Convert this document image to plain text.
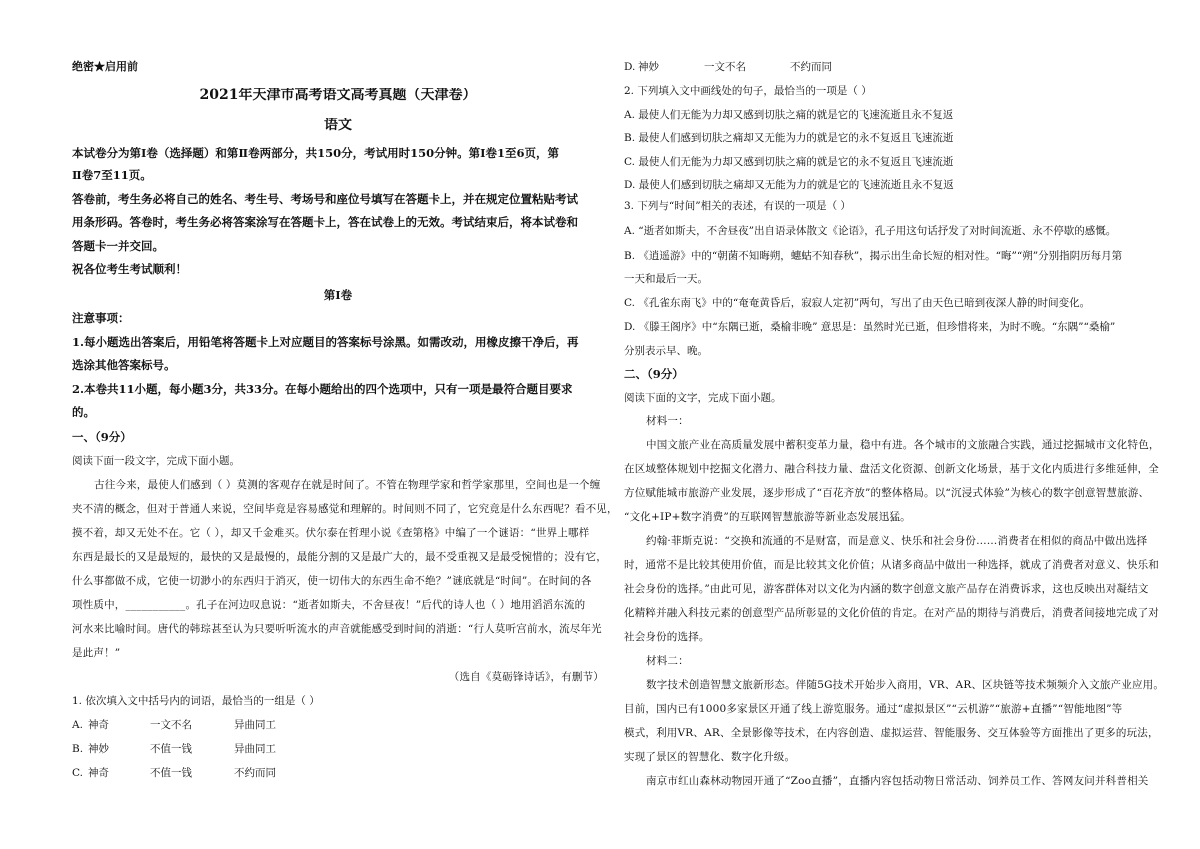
绝密★启用前
2021年天津市高考语文高考真题（天津卷）
语文
本试卷分为第Ⅰ卷（选择题）和第Ⅱ卷两部分，共150分，考试用时150分钟。第Ⅰ卷1至6页，第
Ⅱ卷7至11页。
答卷前，考生务必将自己的姓名、考生号、考场号和座位号填写在答题卡上，并在规定位置粘贴考试
用条形码。答卷时，考生务必将答案涂写在答题卡上，答在试卷上的无效。考试结束后，将本试卷和
答题卡一并交回。
祝各位考生考试顺利！
第Ⅰ卷
注意事项：
1.每小题选出答案后，用铅笔将答题卡上对应题目的答案标号涂黑。如需改动，用橡皮擦干净后，再
选涂其他答案标号。
2.本卷共11小题，每小题3分，共33分。在每小题给出的四个选项中，只有一项是最符合题目要求
的。
一、（9分）
阅读下面一段文字，完成下面小题。
古往今来，最使人们感到（ ）莫测的客观存在就是时间了。不管在物理学家和哲学家那里，空间也是一个缠
夹不清的概念，但对于普通人来说，空间毕竟是容易感觉和理解的。时间则不同了，它究竟是什么东西呢？看不见，
摸不着，却又无处不在。它（ ），却又千金难买。伏尔泰在哲理小说《查第格》中编了一个谜语：“世界上哪样
东西是最长的又是最短的，最快的又是最慢的，最能分割的又是最广大的，最不受重视又是最受惋惜的；没有它，
什么事都做不成，它使一切渺小的东西归于消灭，使一切伟大的东西生命不绝？”谜底就是“时间”。在时间的各
项性质中，___________。孔子在河边叹息说：“逝者如斯夫，不舍昼夜！”后代的诗人也（ ）地用滔滔东流的
河水来比喻时间。唐代的韩琮甚至认为只要听听流水的声音就能感受到时间的消逝：“行人莫听宫前水，流尽年光
是此声！”
（选自《莫砺锋诗话》，有删节）
1. 依次填入文中括号内的词语，最恰当的一组是（ ）
A. 神奇	一文不名	异曲同工
B. 神妙	不值一钱	异曲同工
C. 神奇	不值一钱	不约而同
D. 神妙	一文不名	不约而同
2. 下列填入文中画线处的句子，最恰当的一项是（ ）
A. 最使人们无能为力却又感到切肤之痛的就是它的飞速流逝且永不复返
B. 最使人们感到切肤之痛却又无能为力的就是它的永不复返且飞速流逝
C. 最使人们无能为力却又感到切肤之痛的就是它的永不复返且飞速流逝
D. 最使人们感到切肤之痛却又无能为力的就是它的飞速流逝且永不复返
3. 下列与“时间”相关的表述，有误的一项是（ ）
A. “逝者如斯夫，不舍昼夜”出自语录体散文《论语》，孔子用这句话抒发了对时间流逝、永不停歇的感慨。
B. 《逍遥游》中的“朝菌不知晦朔，蟪蛄不知春秋”，揭示出生命长短的相对性。“晦”“朔”分别指阴历每月第
一天和最后一天。
C. 《孔雀东南飞》中的“奄奄黄昏后，寂寂人定初”两句，写出了由天色已暗到夜深人静的时间变化。
D. 《滕王阁序》中“东隅已逝，桑榆非晚” 意思是：虽然时光已逝，但珍惜将来，为时不晚。“东隅”“桑榆”
分别表示早、晚。
二、（9分）
阅读下面的文字，完成下面小题。
材料一：
中国文旅产业在高质量发展中蓄积变革力量，稳中有进。各个城市的文旅融合实践，通过挖掘城市文化特色，
在区域整体规划中挖掘文化潜力、融合科技力量、盘活文化资源、创新文化场景，基于文化内质进行多维延伸，全
方位赋能城市旅游产业发展，逐步形成了“百花齐放”的整体格局。以“沉浸式体验”为核心的数字创意智慧旅游、
“文化+IP+数字消费”的互联网智慧旅游等新业态发展迅猛。
约翰·菲斯克说：“交换和流通的不是财富，而是意义、快乐和社会身份……消费者在相似的商品中做出选择
时，通常不是比较其使用价值，而是比较其文化价值；从诸多商品中做出一种选择，就成了消费者对意义、快乐和
社会身份的选择。”由此可见，游客群体对以文化为内涵的数字创意文旅产品存在消费诉求，这也反映出对凝结文
化精粹并融入科技元素的创意型产品所彰显的文化价值的肯定。在对产品的期待与消费后，消费者间接地完成了对
社会身份的选择。
材料二：
数字技术创造智慧文旅新形态。伴随5G技术开始步入商用，VR、AR、区块链等技术频频介入文旅产业应用。
目前，国内已有1000多家景区开通了线上游览服务。通过“虚拟景区”“云机游”“旅游+直播”“智能地图”等
模式，利用VR、AR、全景影像等技术，在内容创造、虚拟运营、智能服务、交互体验等方面推出了更多的玩法，
实现了景区的智慧化、数字化升级。
南京市红山森林动物园开通了“Zoo直播”，直播内容包括动物日常活动、饲养员工作、答网友问并科普相关
